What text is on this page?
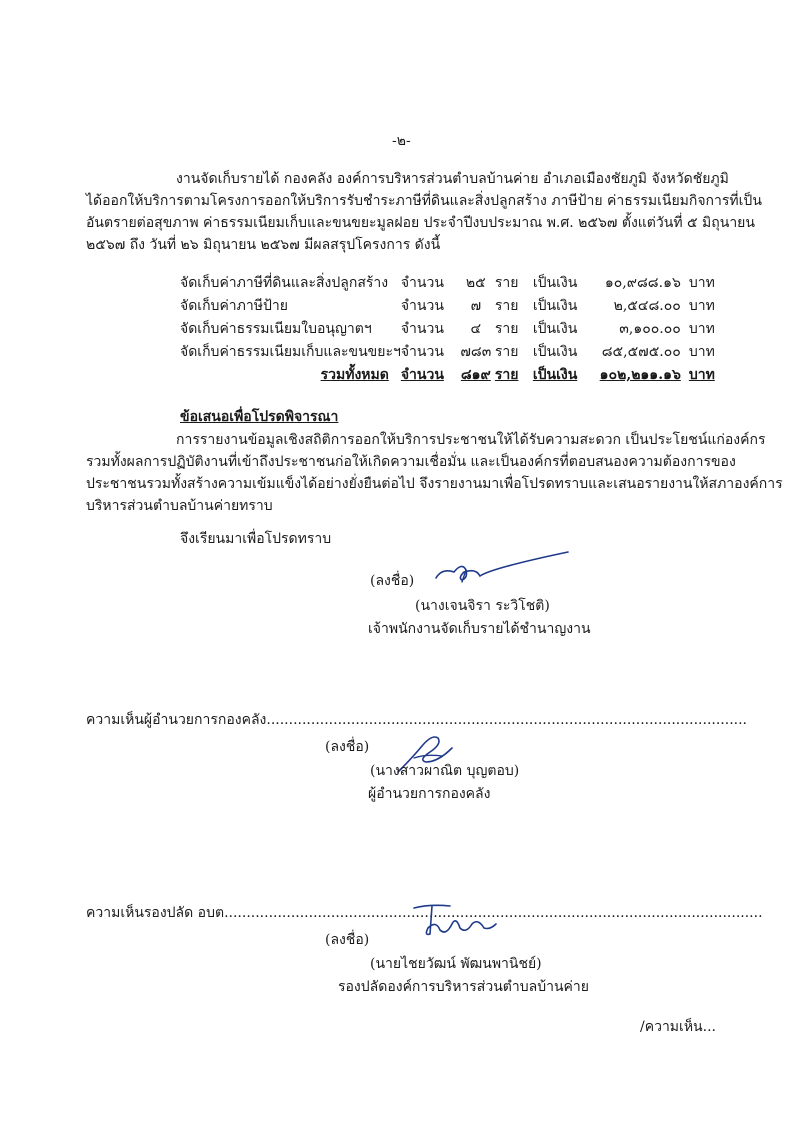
-๒-
งานจัดเก็บรายได้ กองคลัง องค์การบริหารส่วนตำบลบ้านค่าย อำเภอเมืองชัยภูมิ จังหวัดชัยภูมิ
ได้ออกให้บริการตามโครงการออกให้บริการรับชำระภาษีที่ดินและสิ่งปลูกสร้าง ภาษีป้าย ค่าธรรมเนียมกิจการที่เป็น
อันตรายต่อสุขภาพ ค่าธรรมเนียมเก็บและขนขยะมูลฝอย ประจำปีงบประมาณ พ.ศ. ๒๕๖๗ ตั้งแต่วันที่ ๕ มิถุนายน
๒๕๖๗ ถึง วันที่ ๒๖ มิถุนายน ๒๕๖๗ มีผลสรุปโครงการ ดังนี้
จัดเก็บค่าภาษีที่ดินและสิ่งปลูกสร้าง	จำนวน	๒๕	ราย	เป็นเงิน	๑๐,๙๘๘.๑๖	บาท
จัดเก็บค่าภาษีป้าย	จำนวน	๗	ราย	เป็นเงิน	๒,๕๔๘.๐๐	บาท
จัดเก็บค่าธรรมเนียมใบอนุญาตฯ	จำนวน	๔	ราย	เป็นเงิน	๓,๑๐๐.๐๐	บาท
จัดเก็บค่าธรรมเนียมเก็บและขนขยะฯ	จำนวน	๗๘๓	ราย	เป็นเงิน	๘๕,๕๗๕.๐๐	บาท
รวมทั้งหมด	จำนวน	๘๑๙	ราย	เป็นเงิน	๑๐๒,๒๑๑.๑๖	บาท
ข้อเสนอเพื่อโปรดพิจารณา
การรายงานข้อมูลเชิงสถิติการออกให้บริการประชาชนให้ได้รับความสะดวก เป็นประโยชน์แก่องค์กร
รวมทั้งผลการปฏิบัติงานที่เข้าถึงประชาชนก่อให้เกิดความเชื่อมั่น และเป็นองค์กรที่ตอบสนองความต้องการของ
ประชาชนรวมทั้งสร้างความเข้มแข็งได้อย่างยั่งยืนต่อไป จึงรายงานมาเพื่อโปรดทราบและเสนอรายงานให้สภาองค์การ
บริหารส่วนตำบลบ้านค่ายทราบ
จึงเรียนมาเพื่อโปรดทราบ
(ลงชื่อ)
(นางเจนจิรา ระวิโชติ)
เจ้าพนักงานจัดเก็บรายได้ชำนาญงาน
ความเห็นผู้อำนวยการกองคลัง............................................................................................................
(ลงชื่อ)
(นางสาวผาณิต บุญตอบ)
ผู้อำนวยการกองคลัง
ความเห็นรองปลัด อบต.........................................................................................................................
(ลงชื่อ)
(นายไชยวัฒน์ พัฒนพานิชย์)
รองปลัดองค์การบริหารส่วนตำบลบ้านค่าย
/ความเห็น...
